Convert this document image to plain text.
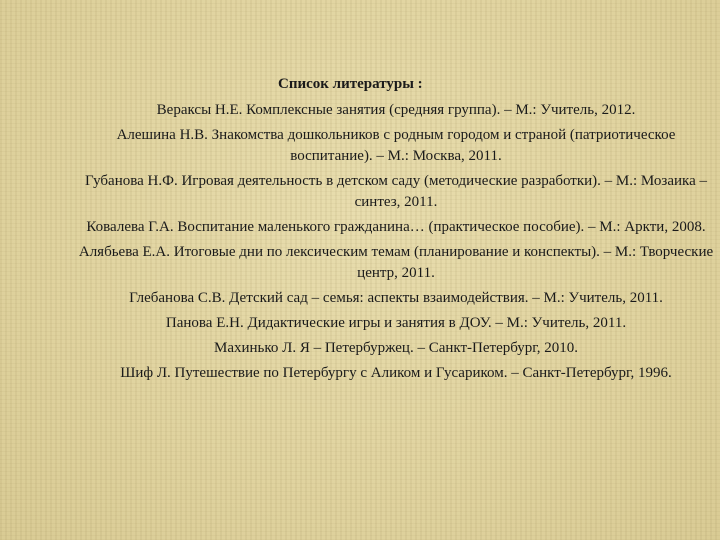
Список литературы :
Вераксы Н.Е. Комплексные занятия (средняя группа). – М.: Учитель, 2012.
Алешина Н.В. Знакомства дошкольников с родным городом и страной (патриотическое воспитание). – М.: Москва, 2011.
Губанова Н.Ф. Игровая деятельность в детском саду (методические разработки). – М.: Мозаика – синтез, 2011.
Ковалева Г.А. Воспитание маленького гражданина… (практическое пособие). – М.: Аркти, 2008.
Алябьева Е.А. Итоговые дни по лексическим темам (планирование и конспекты). – М.: Творческие центр, 2011.
Глебанова С.В. Детский сад – семья: аспекты взаимодействия. – М.: Учитель, 2011.
Панова Е.Н. Дидактические игры и занятия в ДОУ. – М.: Учитель, 2011.
Махинько Л. Я – Петербуржец. – Санкт-Петербург, 2010.
Шиф Л. Путешествие по Петербургу с Аликом и Гусариком. – Санкт-Петербург, 1996.
